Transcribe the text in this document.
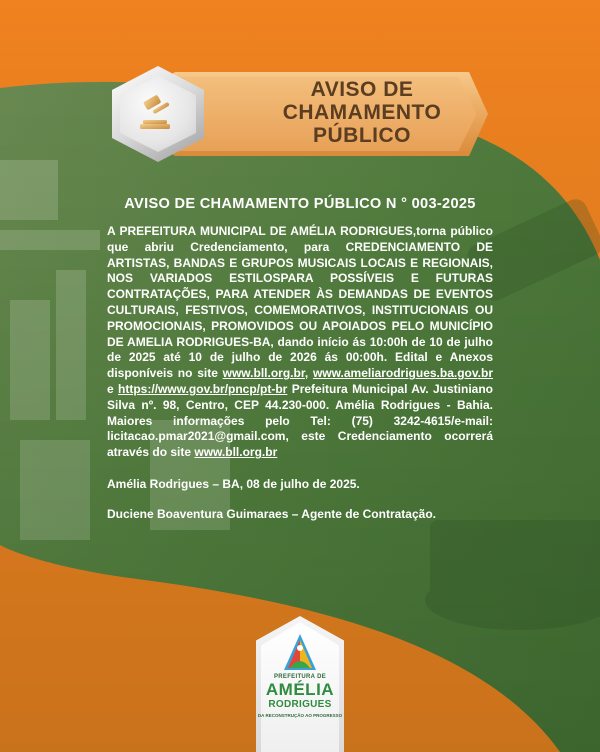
AVISO DE
CHAMAMENTO
PÚBLICO
AVISO DE CHAMAMENTO PÚBLICO N ° 003-2025
A PREFEITURA MUNICIPAL DE AMÉLIA RODRIGUES,torna público que abriu Credenciamento, para CREDENCIAMENTO DE ARTISTAS, BANDAS E GRUPOS MUSICAIS LOCAIS E REGIONAIS, NOS VARIADOS ESTILOSPARA POSSÍVEIS E FUTURAS CONTRATAÇÕES, PARA ATENDER ÀS DEMANDAS DE EVENTOS CULTURAIS, FESTIVOS, COMEMORATIVOS, INSTITUCIONAIS OU PROMOCIONAIS, PROMOVIDOS OU APOIADOS PELO MUNICÍPIO DE AMELIA RODRIGUES-BA, dando início ás 10:00h de 10 de julho de 2025 até 10 de julho de 2026 ás 00:00h. Edital e Anexos disponíveis no site www.bll.org.br, www.ameliarodrigues.ba.gov.br e https://www.gov.br/pncp/pt-br Prefeitura Municipal Av. Justiniano Silva nº. 98, Centro, CEP 44.230-000. Amélia Rodrigues - Bahia. Maiores informações pelo Tel: (75) 3242-4615/e-mail: licitacao.pmar2021@gmail.com, este Credenciamento ocorrerá através do site www.bll.org.br
Amélia Rodrigues – BA, 08 de julho de 2025.
Duciene Boaventura Guimaraes – Agente de Contratação.
PREFEITURA DE
AMÉLIA
RODRIGUES
DA RECONSTRUÇÃO AO PROGRESSO
